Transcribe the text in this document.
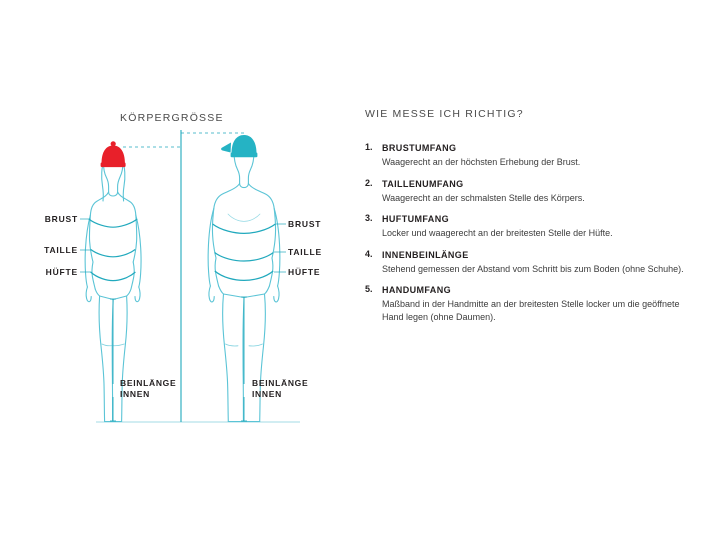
KÖRPERGRÖSSE
BRUST
TAILLE
HÜFTE
BEINLÄNGE
INNEN
BRUST
TAILLE
HÜFTE
BEINLÄNGE
INNEN
WIE MESSE ICH RICHTIG?
1. BRUSTUMFANG
Waagerecht an der höchsten Erhebung der Brust.
2. TAILLENUMFANG
Waagerecht an der schmalsten Stelle des Körpers.
3. HUFTUMFANG
Locker und waagerecht an der breitesten Stelle der Hüfte.
4. INNENBEINLÄNGE
Stehend gemessen der Abstand vom Schritt bis zum Boden (ohne Schuhe).
5. HANDUMFANG
Maßband in der Handmitte an der breitesten Stelle locker um die geöffnete Hand legen (ohne Daumen).
